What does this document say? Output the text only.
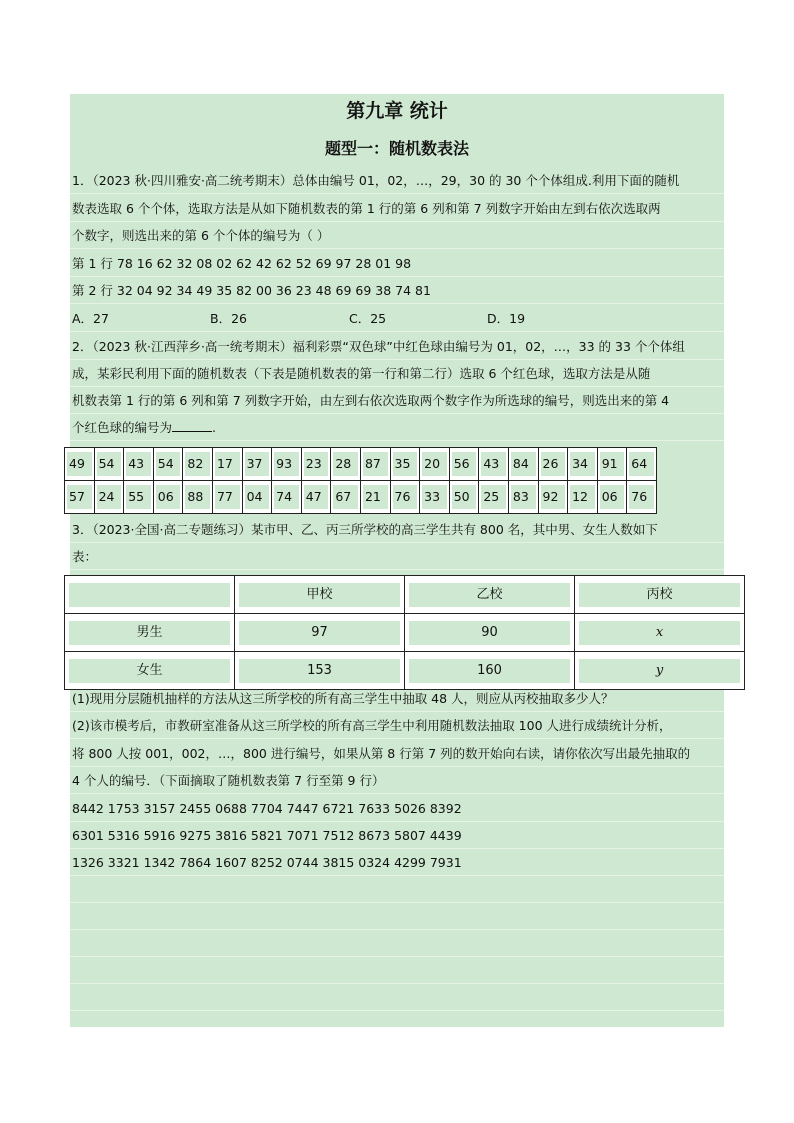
第九章 统计
题型一：随机数表法
1．（2023 秋·四川雅安·高二统考期末）总体由编号 01，02，…，29，30 的 30 个个体组成.利用下面的随机
数表选取 6 个个体，选取方法是从如下随机数表的第 1 行的第 6 列和第 7 列数字开始由左到右依次选取两
个数字，则选出来的第 6 个个体的编号为（ ）
第 1 行 78 16 62 32 08 02 62 42 62 52 69 97 28 01 98
第 2 行 32 04 92 34 49 35 82 00 36 23 48 69 69 38 74 81
A．27	B．26	C．25	D．19
2．（2023 秋·江西萍乡·高一统考期末）福利彩票“双色球”中红色球由编号为 01，02，…，33 的 33 个个体组
成，某彩民利用下面的随机数表（下表是随机数表的第一行和第二行）选取 6 个红色球，选取方法是从随
机数表第 1 行的第 6 列和第 7 列数字开始，由左到右依次选取两个数字作为所选球的编号，则选出来的第 4
个红色球的编号为	.
49	54	43	54	82	17	37	93	23	28	87	35	20	56	43	84	26	34	91	64

57	24	55	06	88	77	04	74	47	67	21	76	33	50	25	83	92	12	06	76
3．（2023·全国·高二专题练习）某市甲、乙、丙三所学校的高三学生共有 800 名，其中男、女生人数如下
表：

	甲校	乙校	丙校

男生	97	90	x

女生	153	160	y
(1)现用分层随机抽样的方法从这三所学校的所有高三学生中抽取 48 人，则应从丙校抽取多少人？
(2)该市模考后，市教研室准备从这三所学校的所有高三学生中利用随机数法抽取 100 人进行成绩统计分析，
将 800 人按 001，002，…，800 进行编号，如果从第 8 行第 7 列的数开始向右读，请你依次写出最先抽取的
4 个人的编号．（下面摘取了随机数表第 7 行至第 9 行）
8442 1753 3157 2455 0688 7704 7447 6721 7633 5026 8392
6301 5316 5916 9275 3816 5821 7071 7512 8673 5807 4439
1326 3321 1342 7864 1607 8252 0744 3815 0324 4299 7931
